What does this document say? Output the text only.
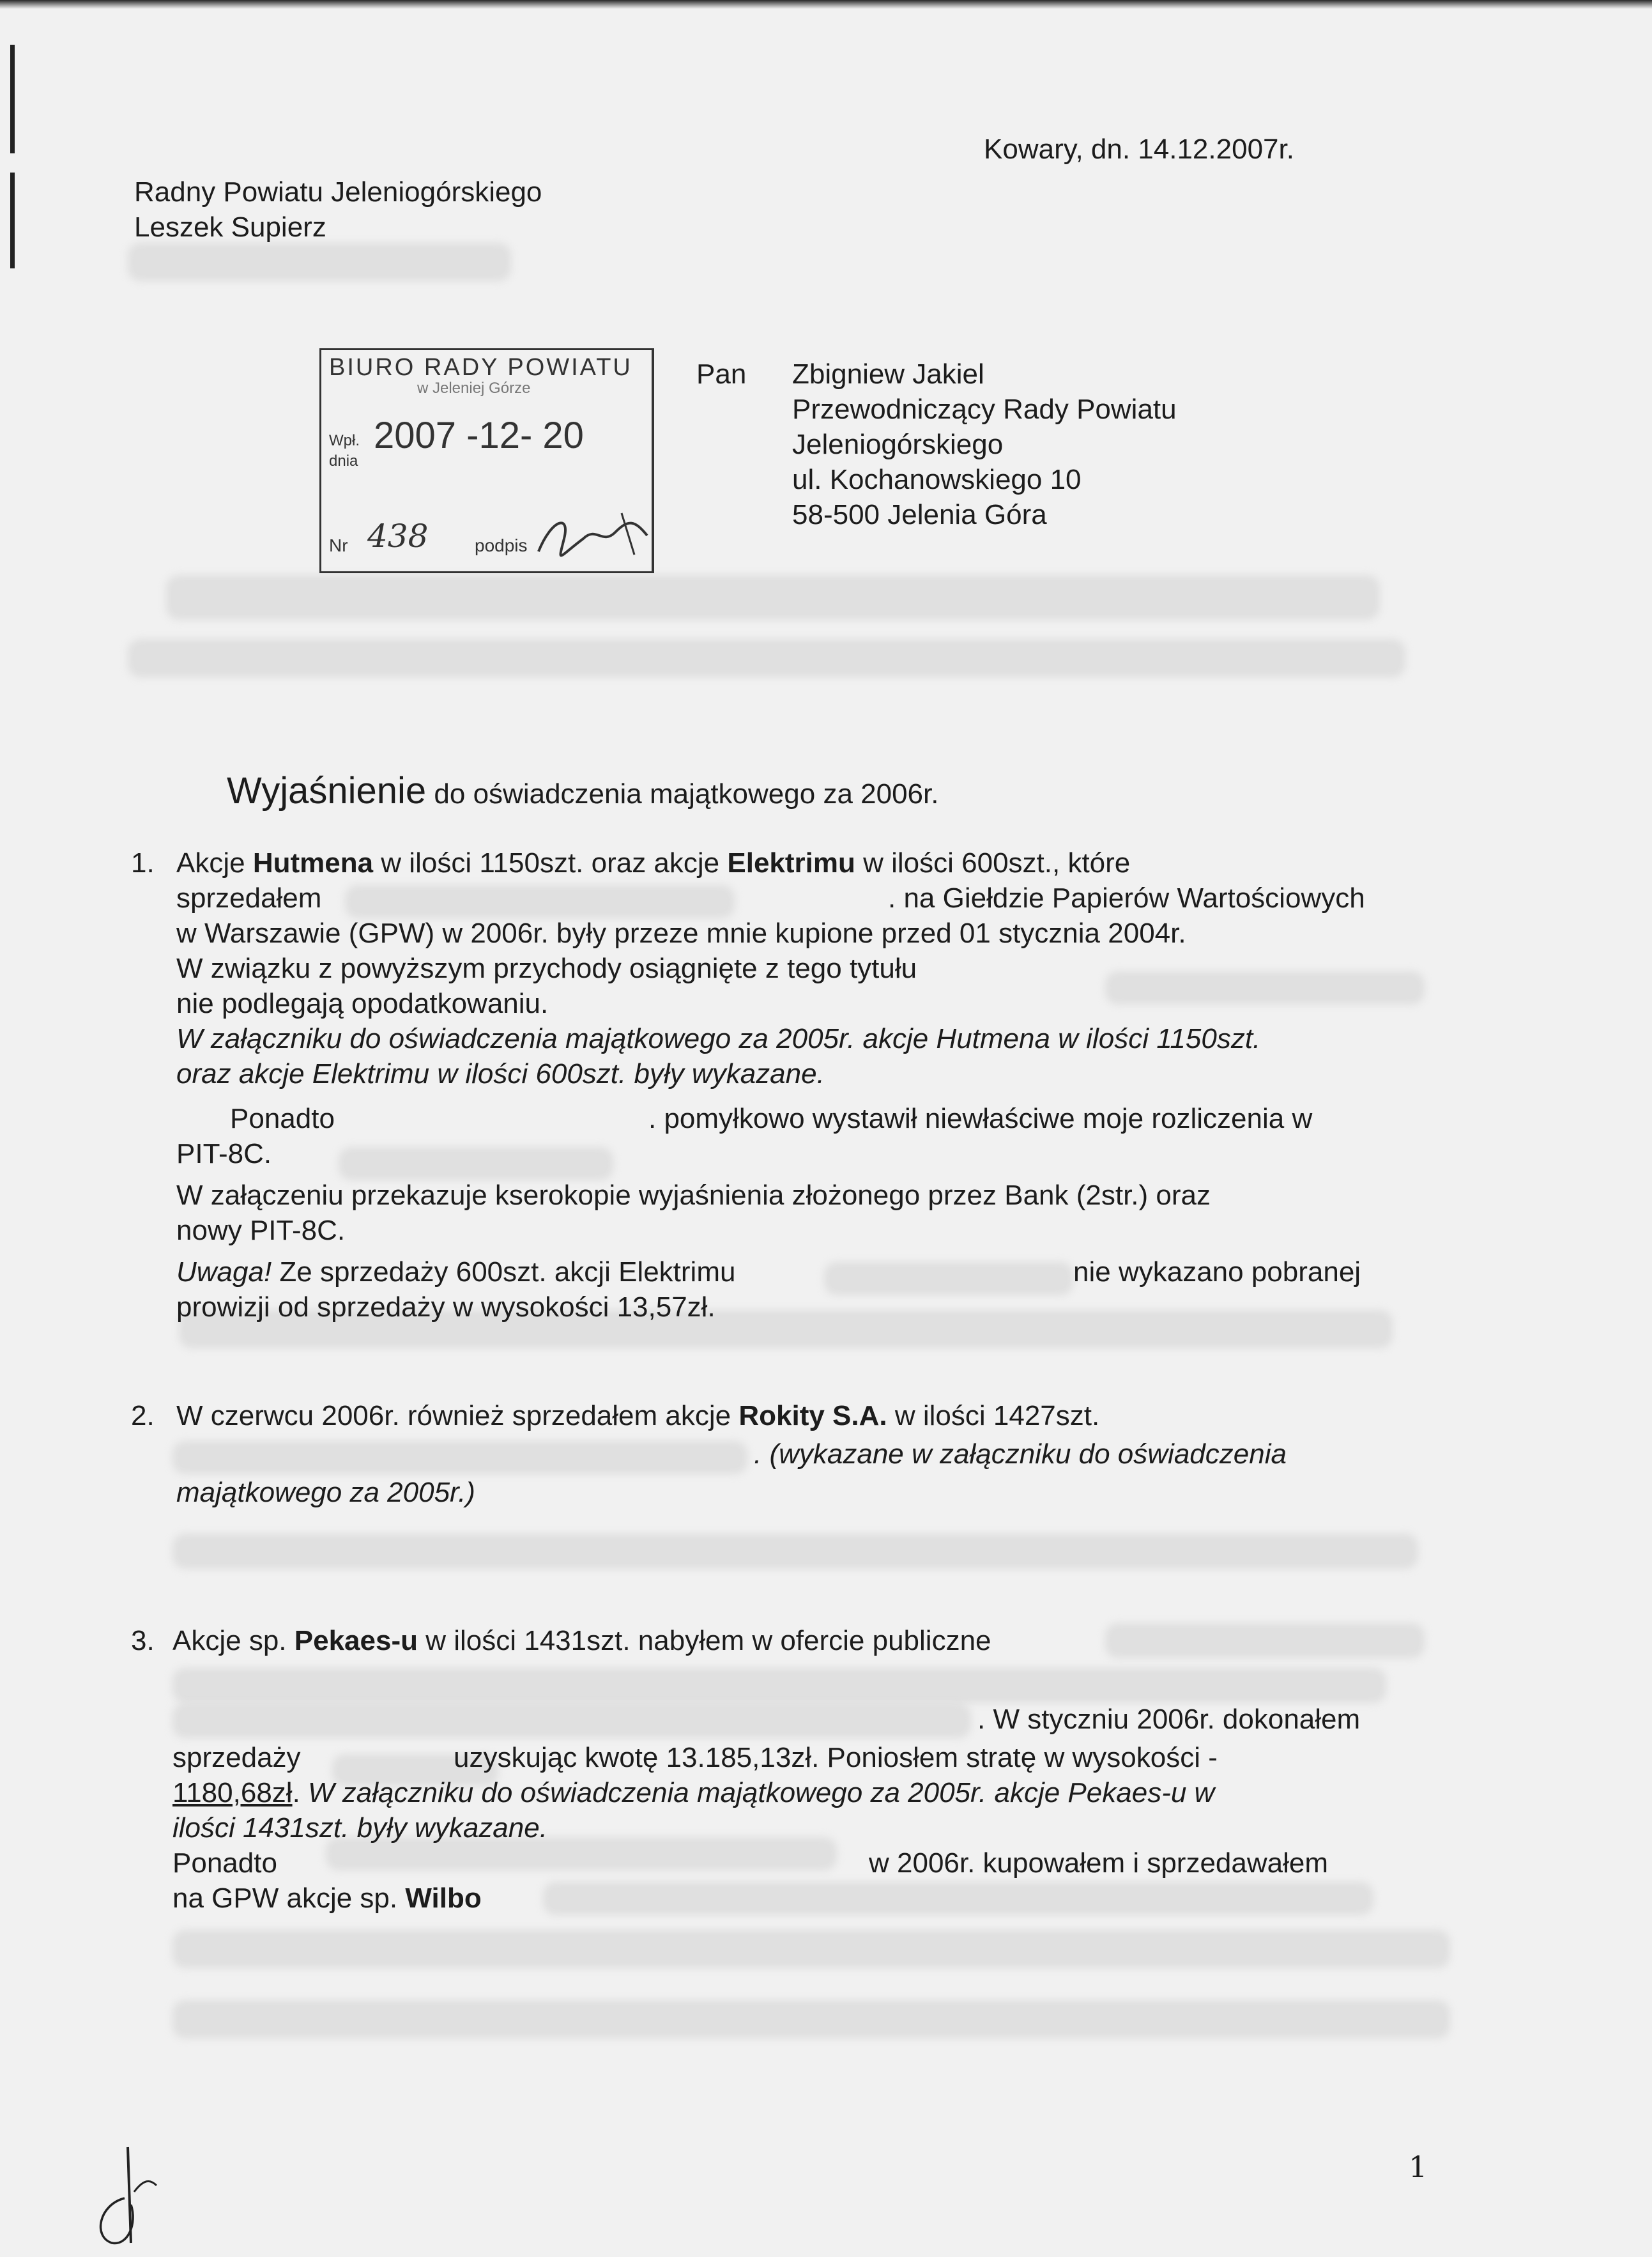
Kowary, dn. 14.12.2007r.
Radny Powiatu Jeleniogórskiego
Leszek Supierz
BIURO RADY POWIATU
w Jeleniej Górze
Wpł.
dnia
2007 -12- 20
Nr 438	podpis
Pan Zbigniew Jakiel
Przewodniczący Rady Powiatu
Jeleniogórskiego
ul. Kochanowskiego 10
58-500 Jelenia Góra
Wyjaśnienie do oświadczenia majątkowego za 2006r.
1. Akcje Hutmena w ilości 1150szt. oraz akcje Elektrimu w ilości 600szt., które
sprzedałem	. na Giełdzie Papierów Wartościowych
w Warszawie (GPW) w 2006r. były przeze mnie kupione przed 01 stycznia 2004r.
W związku z powyższym przychody osiągnięte z tego tytułu
nie podlegają opodatkowaniu.
W załączniku do oświadczenia majątkowego za 2005r. akcje Hutmena w ilości 1150szt.
oraz akcje Elektrimu w ilości 600szt. były wykazane.
Ponadto	. pomyłkowo wystawił niewłaściwe moje rozliczenia w
PIT-8C.
W załączeniu przekazuje kserokopie wyjaśnienia złożonego przez Bank (2str.) oraz
nowy PIT-8C.
Uwaga! Ze sprzedaży 600szt. akcji Elektrimu	nie wykazano pobranej
prowizji od sprzedaży w wysokości 13,57zł.
2. W czerwcu 2006r. również sprzedałem akcje Rokity S.A. w ilości 1427szt.
. (wykazane w załączniku do oświadczenia
majątkowego za 2005r.)
3. Akcje sp. Pekaes-u w ilości 1431szt. nabyłem w ofercie publiczne
. W styczniu 2006r. dokonałem
sprzedaży	uzyskując kwotę 13.185,13zł. Poniosłem stratę w wysokości -
1180,68zł. W załączniku do oświadczenia majątkowego za 2005r. akcje Pekaes-u w
ilości 1431szt. były wykazane.
Ponadto	w 2006r. kupowałem i sprzedawałem
na GPW akcje sp. Wilbo
1
